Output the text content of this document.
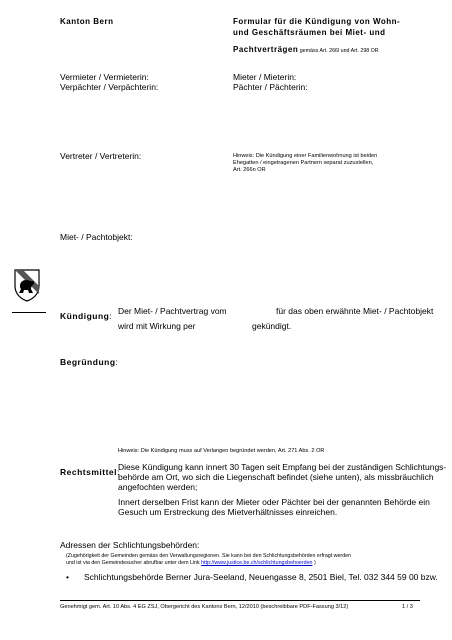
Kanton Bern	Formular für die Kündigung von Wohn-
und Geschäftsräumen bei Miet- und
Pachtverträgen gemäss Art. 266l und Art. 298 OR
Vermieter / Vermieterin:
Verpächter / Verpächterin:
Mieter / Mieterin:
Pächter / Pächterin:
Vertreter / Vertreterin:	Hinweis: Die Kündigung einer Familienwohnung ist beiden
Ehegatten / eingetragenen Partnern separat zuzustellen,
Art. 266n OR
Miet- / Pachtobjekt:
Kündigung: Der Miet- / Pachtvertrag vom	für das oben erwähnte Miet- / Pachtobjekt
wird mit Wirkung per	gekündigt.
Begründung:
Hinweis: Die Kündigung muss auf Verlangen begründet werden, Art. 271 Abs. 2 OR
Rechtsmittel:
Diese Kündigung kann innert 30 Tagen seit Empfang bei der zuständigen Schlichtungs-
behörde am Ort, wo sich die Liegenschaft befindet (siehe unten), als missbräuchlich
angefochten werden;
Innert derselben Frist kann der Mieter oder Pächter bei der genannten Behörde ein
Gesuch um Erstreckung des Mietverhältnisses einreichen.
Adressen der Schlichtungsbehörden:
(Zugehörigkeit der Gemeinden gemäss den Verwaltungsregionen. Sie kann bei den Schlichtungsbehörden erfragt werden
und ist via den Gemeindesucher abrufbar unter dem Link http://www.justice.be.ch/schlichtungsbehoerden )
• Schlichtungsbehörde Berner Jura-Seeland, Neuengasse 8, 2501 Biel, Tel. 032 344 59 00 bzw.
Genehmigt gem. Art. 10 Abs. 4 EG ZSJ, Obergericht des Kantons Bern, 12/2010 (beschreibbare PDF-Fassung 3/12)	1 / 3
